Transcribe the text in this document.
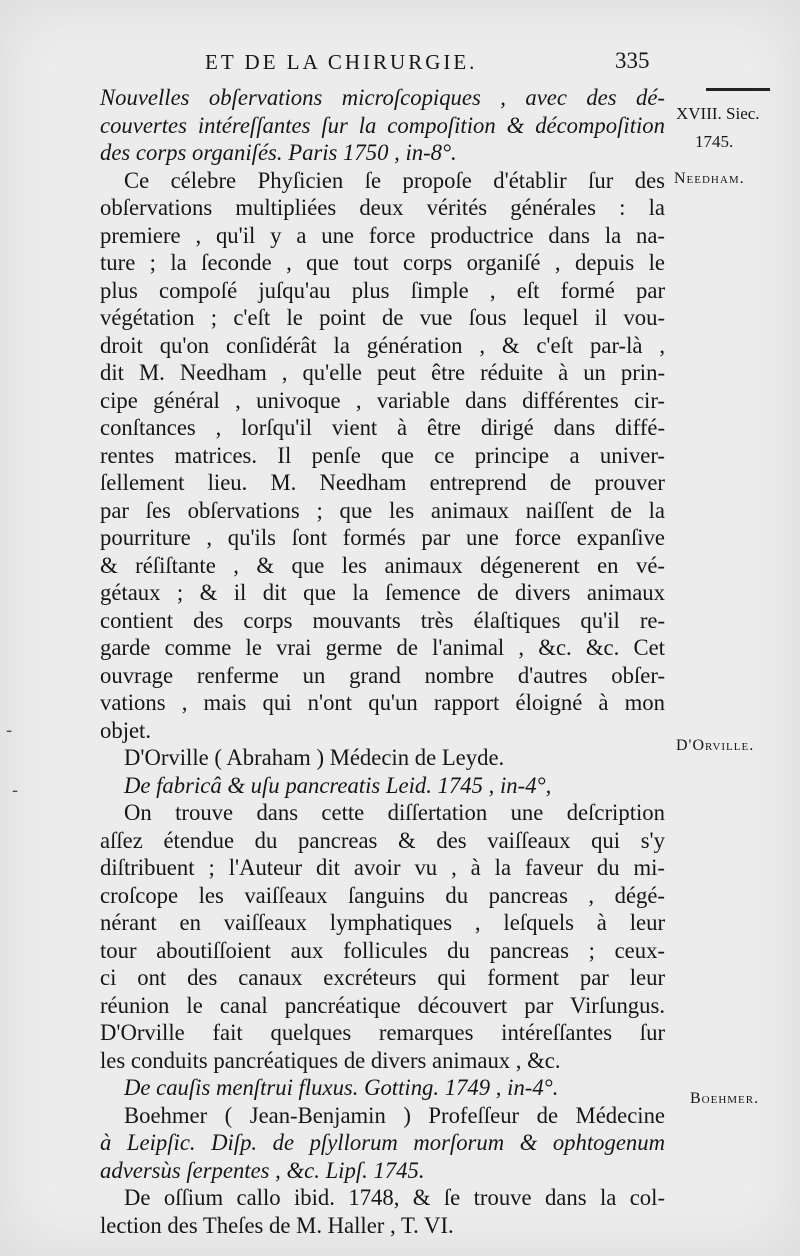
ET DE LA CHIRURGIE.	335
XVIII. Siec.
1745.
Needham.
D'Orville.
Boehmer.
‑
‑
Nouvelles obſervations microſcopiques , avec des dé-
couvertes intéreſſantes ſur la compoſition & décompoſition
des corps organiſés. Paris 1750 , in-8°.
Ce célebre Phyſicien ſe propoſe d'établir ſur des
obſervations multipliées deux vérités générales : la
premiere , qu'il y a une force productrice dans la na-
ture ; la ſeconde , que tout corps organiſé , depuis le
plus compoſé juſqu'au plus ſimple , eſt formé par
végétation ; c'eſt le point de vue ſous lequel il vou-
droit qu'on conſidérât la génération , & c'eſt par-là ,
dit M. Needham , qu'elle peut être réduite à un prin-
cipe général , univoque , variable dans différentes cir-
conſtances , lorſqu'il vient à être dirigé dans diffé-
rentes matrices. Il penſe que ce principe a univer-
ſellement lieu. M. Needham entreprend de prouver
par ſes obſervations ; que les animaux naiſſent de la
pourriture , qu'ils ſont formés par une force expanſive
& réſiſtante , & que les animaux dégenerent en vé-
gétaux ; & il dit que la ſemence de divers animaux
contient des corps mouvants très élaſtiques qu'il re-
garde comme le vrai germe de l'animal , &c. &c. Cet
ouvrage renferme un grand nombre d'autres obſer-
vations , mais qui n'ont qu'un rapport éloigné à mon
objet.
D'Orville ( Abraham ) Médecin de Leyde.
De fabricâ & uſu pancreatis Leid. 1745 , in-4°,
On trouve dans cette diſſertation une deſcription
aſſez étendue du pancreas & des vaiſſeaux qui s'y
diſtribuent ; l'Auteur dit avoir vu , à la faveur du mi-
croſcope les vaiſſeaux ſanguins du pancreas , dégé-
nérant en vaiſſeaux lymphatiques , leſquels à leur
tour aboutiſſoient aux follicules du pancreas ; ceux-
ci ont des canaux excréteurs qui forment par leur
réunion le canal pancréatique découvert par Virſungus.
D'Orville fait quelques remarques intéreſſantes ſur
les conduits pancréatiques de divers animaux , &c.
De cauſis menſtrui fluxus. Gotting. 1749 , in-4°.
Boehmer ( Jean-Benjamin ) Profeſſeur de Médecine
à Leipſic. Diſp. de pſyllorum morſorum & ophtogenum
adversùs ſerpentes , &c. Lipſ. 1745.
De oſſium callo ibid. 1748, & ſe trouve dans la col-
lection des Theſes de M. Haller , T. VI.
